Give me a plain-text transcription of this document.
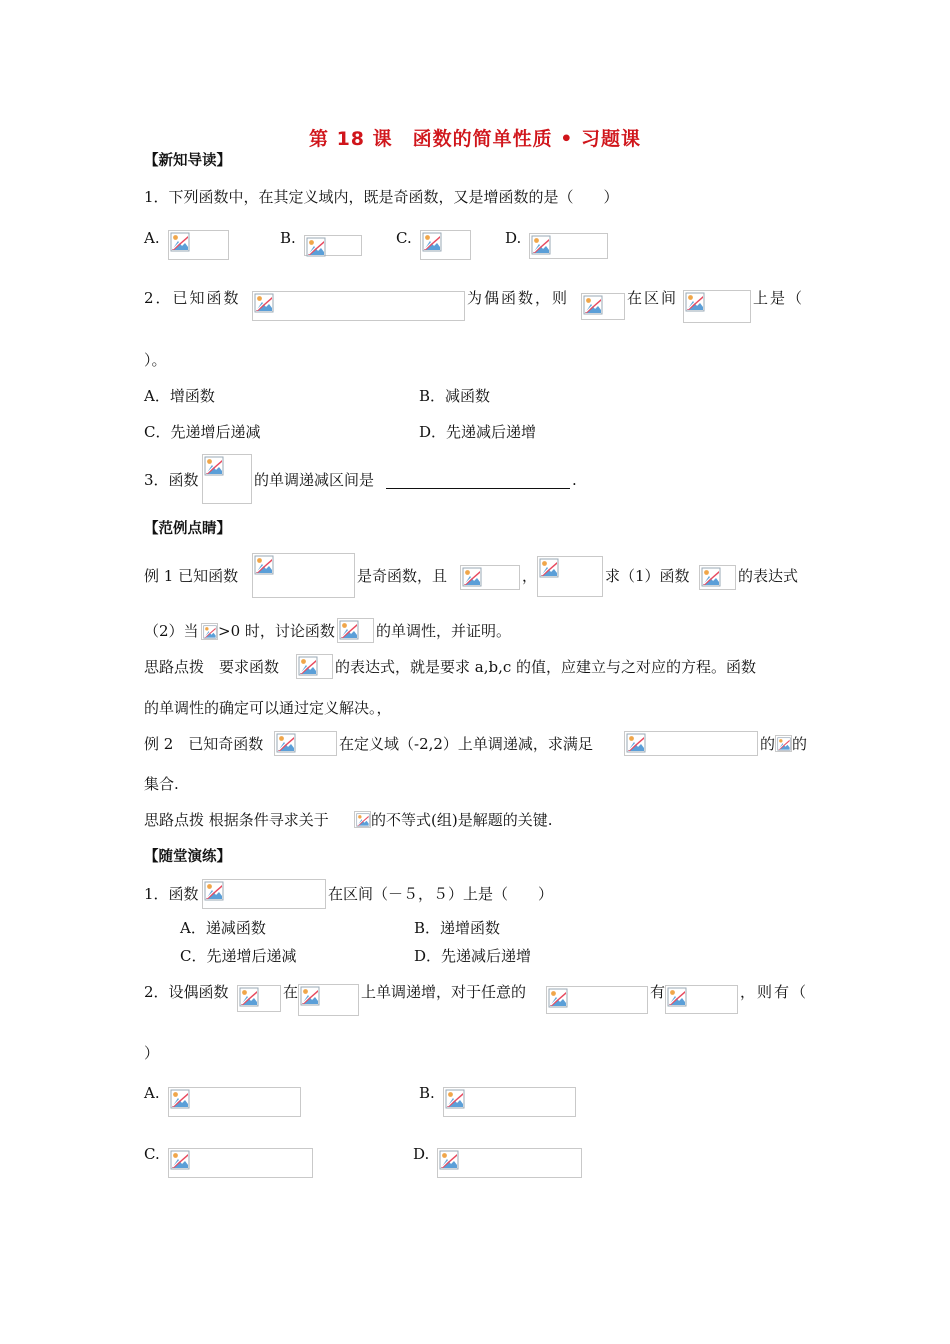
第 18 课　函数的简单性质 • 习题课
【新知导读】
1．下列函数中，在其定义域内，既是奇函数，又是增函数的是（　　）
A.	B.	C.	D.
2．已知函数	为偶函数，则	在区间	上是（
）。
A．增函数	B．减函数
C．先递增后递减	D．先递减后递增
3．函数	的单调递减区间是	.
【范例点睛】
例 1 已知函数	是奇函数，且	，	求（1）函数	的表达式
（2）当 >0 时，讨论函数	的单调性，并证明。
思路点拨　要求函数	的表达式，就是要求 a,b,c 的值，应建立与之对应的方程。函数
的单调性的确定可以通过定义解决。，
例 2　已知奇函数	在定义域（-2,2）上单调递减，求满足	的 的
集合.
思路点拨 根据条件寻求关于	的不等式(组)是解题的关键.
【随堂演练】
1．函数	在区间（－５，５）上是（　　）
A．递减函数	B．递增函数
C．先递增后递减	D．先递减后递增
2．设偶函数	在	上单调递增，对于任意的	有	，则有（
）
A.	B.
C.	D.
